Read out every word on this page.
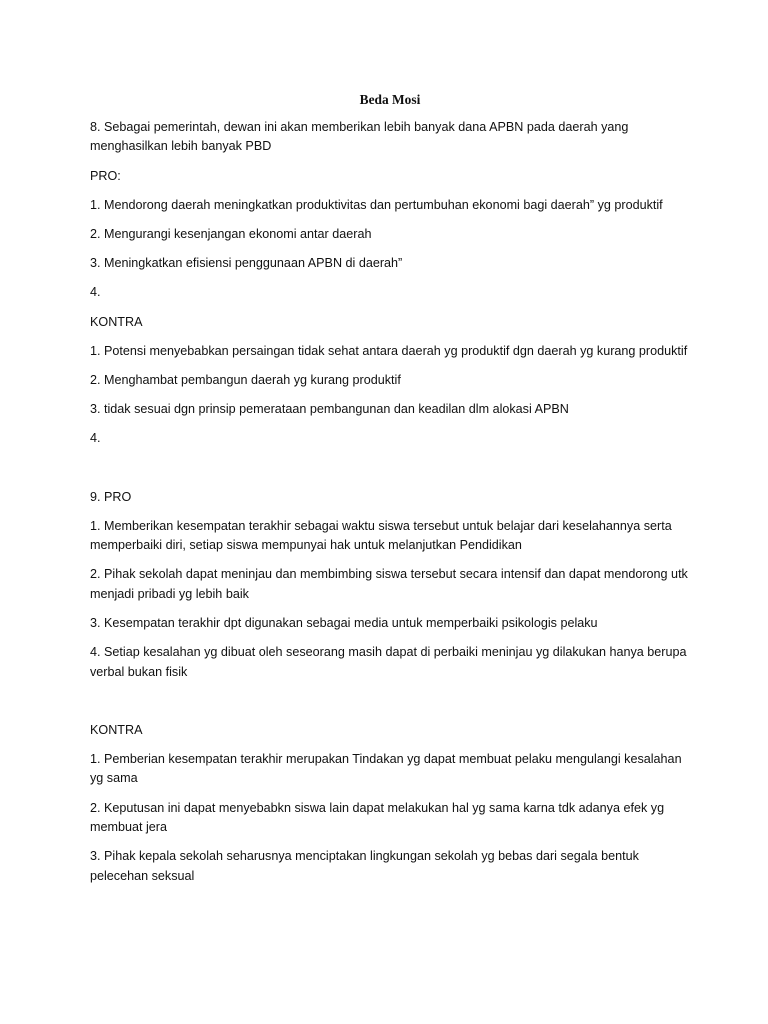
Beda Mosi

8. Sebagai pemerintah, dewan ini akan memberikan lebih banyak dana APBN pada daerah yang menghasilkan lebih banyak PBD

PRO:

1. Mendorong daerah meningkatkan produktivitas dan pertumbuhan ekonomi bagi daerah” yg produktif

2. Mengurangi kesenjangan ekonomi antar daerah

3. Meningkatkan efisiensi penggunaan APBN di daerah”

4.

KONTRA

1. Potensi menyebabkan persaingan tidak sehat antara daerah yg produktif dgn daerah yg kurang produktif

2. Menghambat pembangun daerah yg kurang produktif

3. tidak sesuai dgn prinsip pemerataan pembangunan dan keadilan dlm alokasi APBN

4.

9. PRO

1. Memberikan kesempatan terakhir sebagai waktu siswa tersebut untuk belajar dari keselahannya serta memperbaiki diri, setiap siswa mempunyai hak untuk melanjutkan Pendidikan

2. Pihak sekolah dapat meninjau dan membimbing siswa tersebut secara intensif dan dapat mendorong utk menjadi pribadi yg lebih baik

3. Kesempatan terakhir dpt digunakan sebagai media untuk memperbaiki psikologis pelaku

4. Setiap kesalahan yg dibuat oleh seseorang masih dapat di perbaiki meninjau yg dilakukan hanya berupa verbal bukan fisik

KONTRA

1. Pemberian kesempatan terakhir merupakan Tindakan yg dapat membuat pelaku mengulangi kesalahan yg sama

2. Keputusan ini dapat menyebabkn siswa lain dapat melakukan hal yg sama karna tdk adanya efek yg membuat jera

3. Pihak kepala sekolah seharusnya menciptakan lingkungan sekolah yg bebas dari segala bentuk pelecehan seksual
